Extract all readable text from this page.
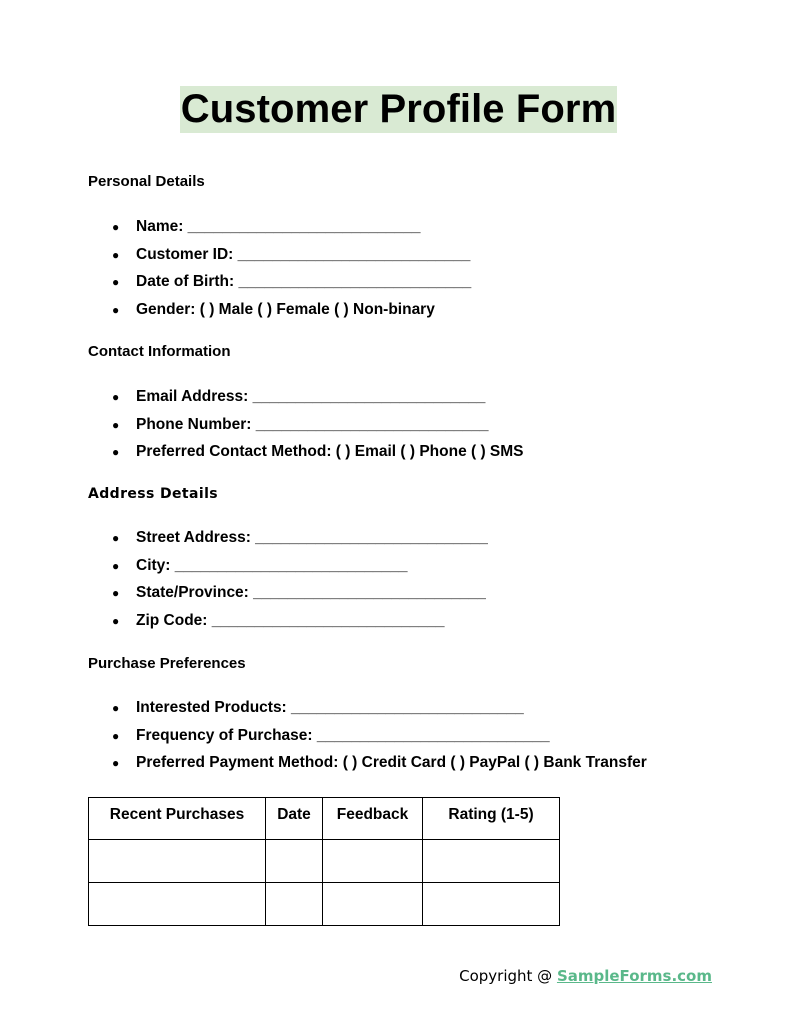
Customer Profile Form
Personal Details
● Name: ___________________________
● Customer ID: ___________________________
● Date of Birth: ___________________________
● Gender: ( ) Male ( ) Female ( ) Non-binary
Contact Information
● Email Address: ___________________________
● Phone Number: ___________________________
● Preferred Contact Method: ( ) Email ( ) Phone ( ) SMS
Address Details
● Street Address: ___________________________
● City: ___________________________
● State/Province: ___________________________
● Zip Code: ___________________________
Purchase Preferences
● Interested Products: ___________________________
● Frequency of Purchase: ___________________________
● Preferred Payment Method: ( ) Credit Card ( ) PayPal ( ) Bank Transfer
Recent Purchases	Date	Feedback	Rating (1-5)

Copyright @ SampleForms.com
